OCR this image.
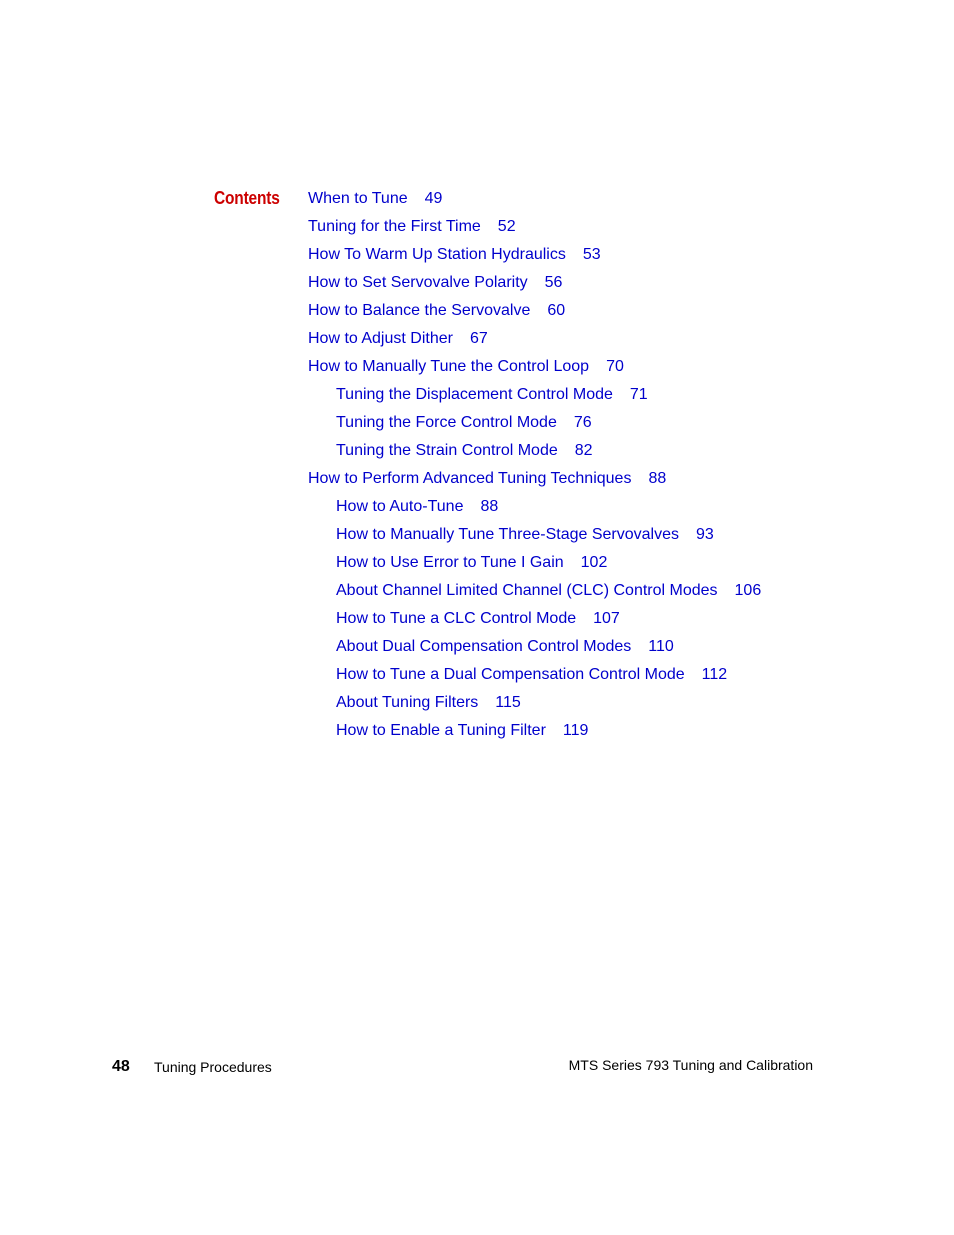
Contents When to Tune 49
Tuning for the First Time 52
How To Warm Up Station Hydraulics 53
How to Set Servovalve Polarity 56
How to Balance the Servovalve 60
How to Adjust Dither 67
How to Manually Tune the Control Loop 70
Tuning the Displacement Control Mode 71
Tuning the Force Control Mode 76
Tuning the Strain Control Mode 82
How to Perform Advanced Tuning Techniques 88
How to Auto-Tune 88
How to Manually Tune Three-Stage Servovalves 93
How to Use Error to Tune I Gain 102
About Channel Limited Channel (CLC) Control Modes 106
How to Tune a CLC Control Mode 107
About Dual Compensation Control Modes 110
How to Tune a Dual Compensation Control Mode 112
About Tuning Filters 115
How to Enable a Tuning Filter 119
48 Tuning Procedures	MTS Series 793 Tuning and Calibration
